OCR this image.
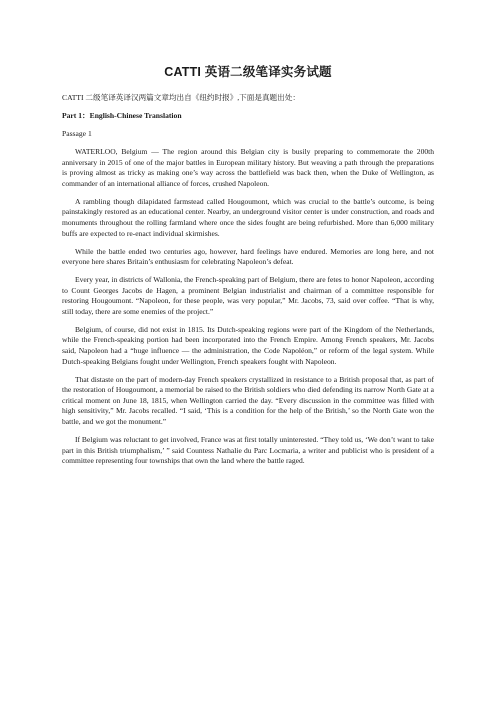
CATTI 英语二级笔译实务试题

CATTI 二级笔译英译汉两篇文章均出自《纽约时报》,下面是真题出处：

Part 1：English-Chinese Translation

Passage 1

WATERLOO, Belgium — The region around this Belgian city is busily preparing to commemorate the 200th anniversary in 2015 of one of the major battles in European military history. But weaving a path through the preparations is proving almost as tricky as making one’s way across the battlefield was back then, when the Duke of Wellington, as commander of an international alliance of forces, crushed Napoleon.

A rambling though dilapidated farmstead called Hougoumont, which was crucial to the battle’s outcome, is being painstakingly restored as an educational center. Nearby, an underground visitor center is under construction, and roads and monuments throughout the rolling farmland where once the sides fought are being refurbished. More than 6,000 military buffs are expected to re-enact individual skirmishes.

While the battle ended two centuries ago, however, hard feelings have endured. Memories are long here, and not everyone here shares Britain’s enthusiasm for celebrating Napoleon’s defeat.

Every year, in districts of Wallonia, the French-speaking part of Belgium, there are fetes to honor Napoleon, according to Count Georges Jacobs de Hagen, a prominent Belgian industrialist and chairman of a committee responsible for restoring Hougoumont. “Napoleon, for these people, was very popular,” Mr. Jacobs, 73, said over coffee. “That is why, still today, there are some enemies of the project.”

Belgium, of course, did not exist in 1815. Its Dutch-speaking regions were part of the Kingdom of the Netherlands, while the French-speaking portion had been incorporated into the French Empire. Among French speakers, Mr. Jacobs said, Napoleon had a “huge influence — the administration, the Code Napoléon,” or reform of the legal system. While Dutch-speaking Belgians fought under Wellington, French speakers fought with Napoleon.

That distaste on the part of modern-day French speakers crystallized in resistance to a British proposal that, as part of the restoration of Hougoumont, a memorial be raised to the British soldiers who died defending its narrow North Gate at a critical moment on June 18, 1815, when Wellington carried the day. “Every discussion in the committee was filled with high sensitivity,” Mr. Jacobs recalled. “I said, ‘This is a condition for the help of the British,’ so the North Gate won the battle, and we got the monument.”

If Belgium was reluctant to get involved, France was at first totally uninterested. “They told us, ‘We don’t want to take part in this British triumphalism,’ ” said Countess Nathalie du Parc Locmaria, a writer and publicist who is president of a committee representing four townships that own the land where the battle raged.
